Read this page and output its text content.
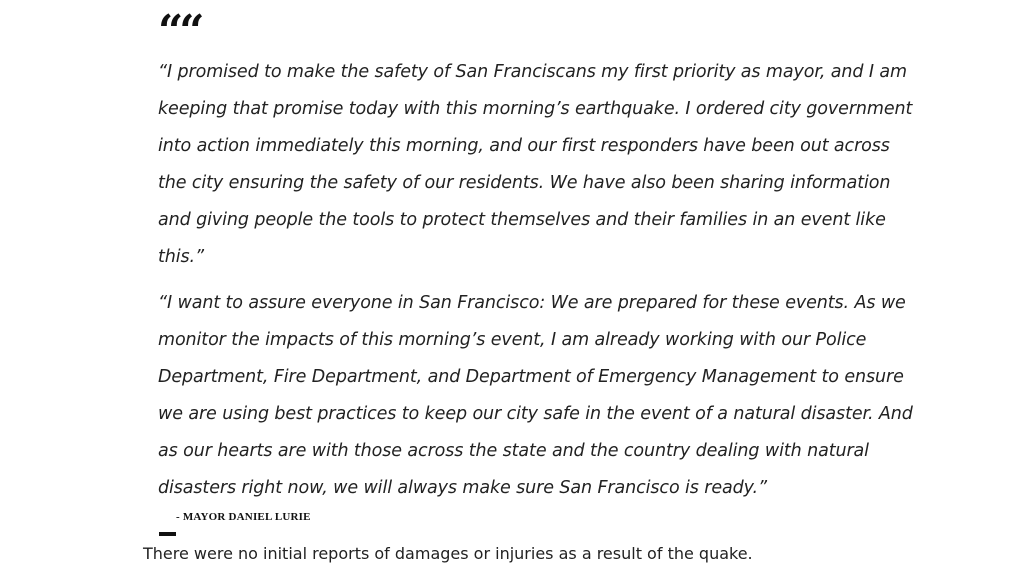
““

“I promised to make the safety of San Franciscans my first priority as mayor, and I am keeping that promise today with this morning’s earthquake. I ordered city government into action immediately this morning, and our first responders have been out across the city ensuring the safety of our residents. We have also been sharing information and giving people the tools to protect themselves and their families in an event like this.”

“I want to assure everyone in San Francisco: We are prepared for these events. As we monitor the impacts of this morning’s event, I am already working with our Police Department, Fire Department, and Department of Emergency Management to ensure we are using best practices to keep our city safe in the event of a natural disaster. And as our hearts are with those across the state and the country dealing with natural disasters right now, we will always make sure San Francisco is ready.”

- MAYOR DANIEL LURIE

There were no initial reports of damages or injuries as a result of the quake.
